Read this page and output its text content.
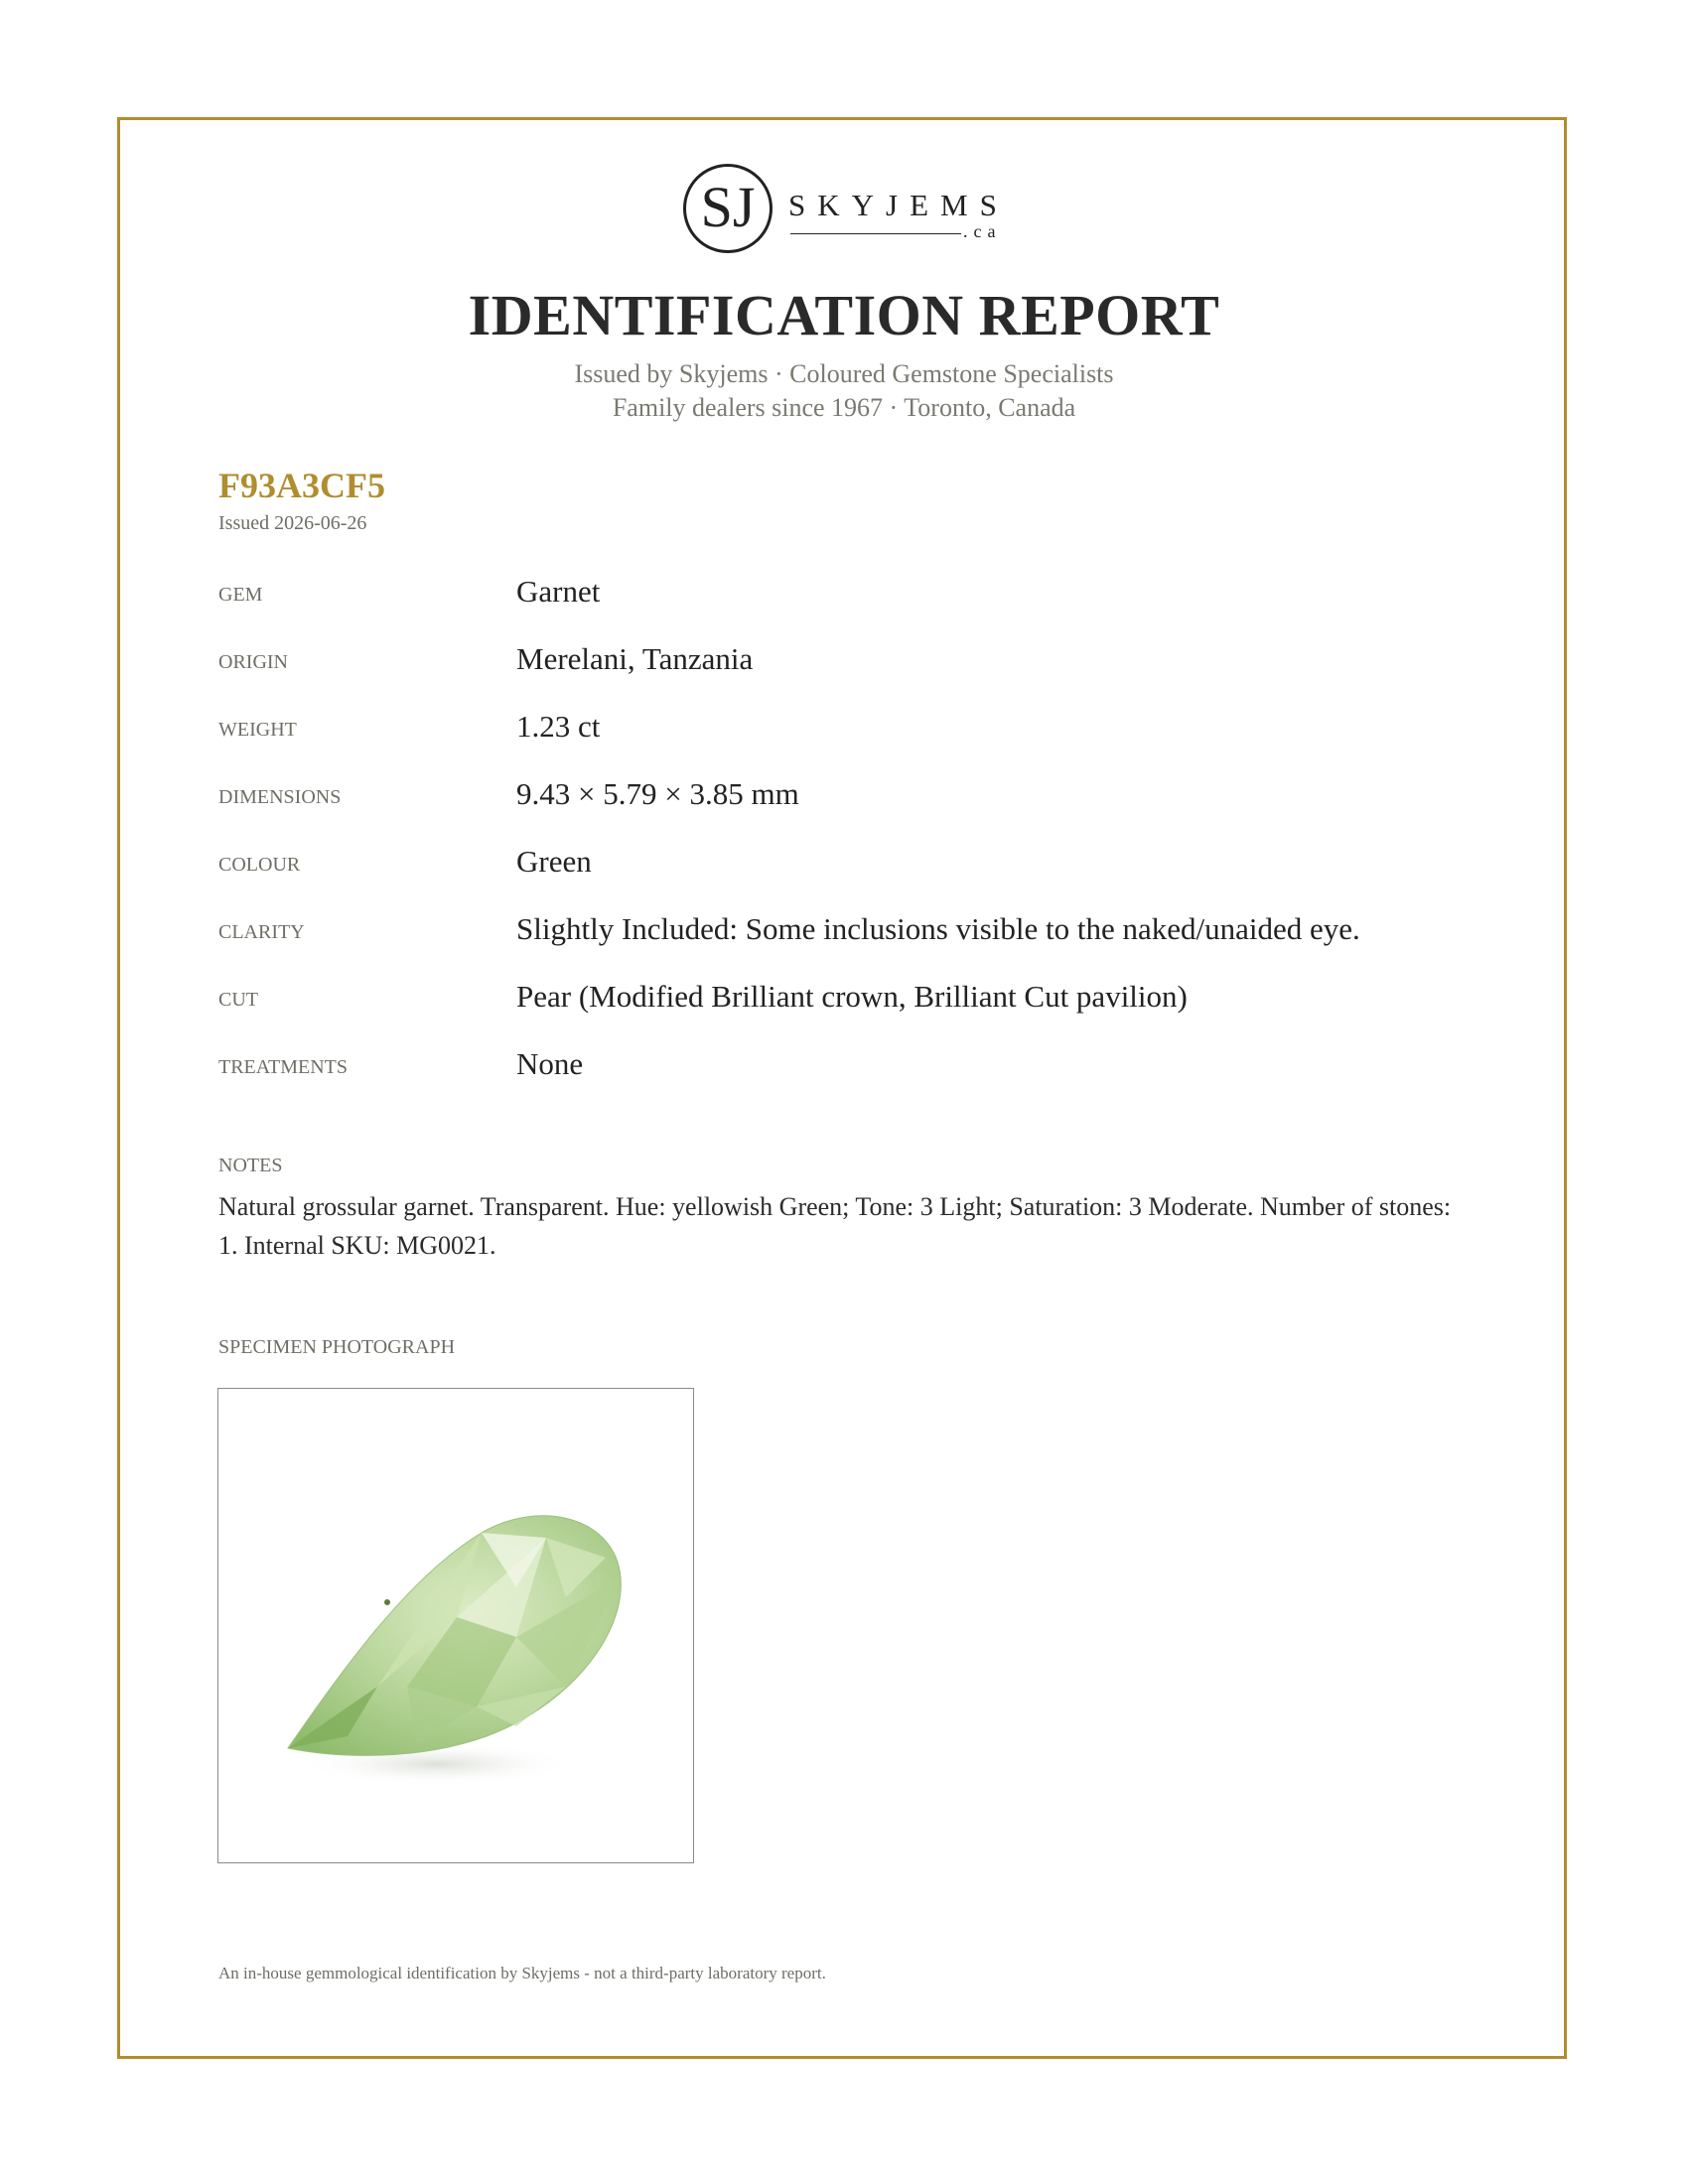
SJ	SKYJEMS
.ca
IDENTIFICATION REPORT
Issued by Skyjems · Coloured Gemstone Specialists
Family dealers since 1967 · Toronto, Canada
F93A3CF5
Issued 2026-06-26
GEM	Garnet
ORIGIN	Merelani, Tanzania
WEIGHT	1.23 ct
DIMENSIONS	9.43 × 5.79 × 3.85 mm
COLOUR	Green
CLARITY	Slightly Included: Some inclusions visible to the naked/unaided eye.
CUT	Pear (Modified Brilliant crown, Brilliant Cut pavilion)
TREATMENTS	None
NOTES
Natural grossular garnet. Transparent. Hue: yellowish Green; Tone: 3 Light; Saturation: 3 Moderate. Number of stones: 1. Internal SKU: MG0021.
SPECIMEN PHOTOGRAPH
An in-house gemmological identification by Skyjems - not a third-party laboratory report.
